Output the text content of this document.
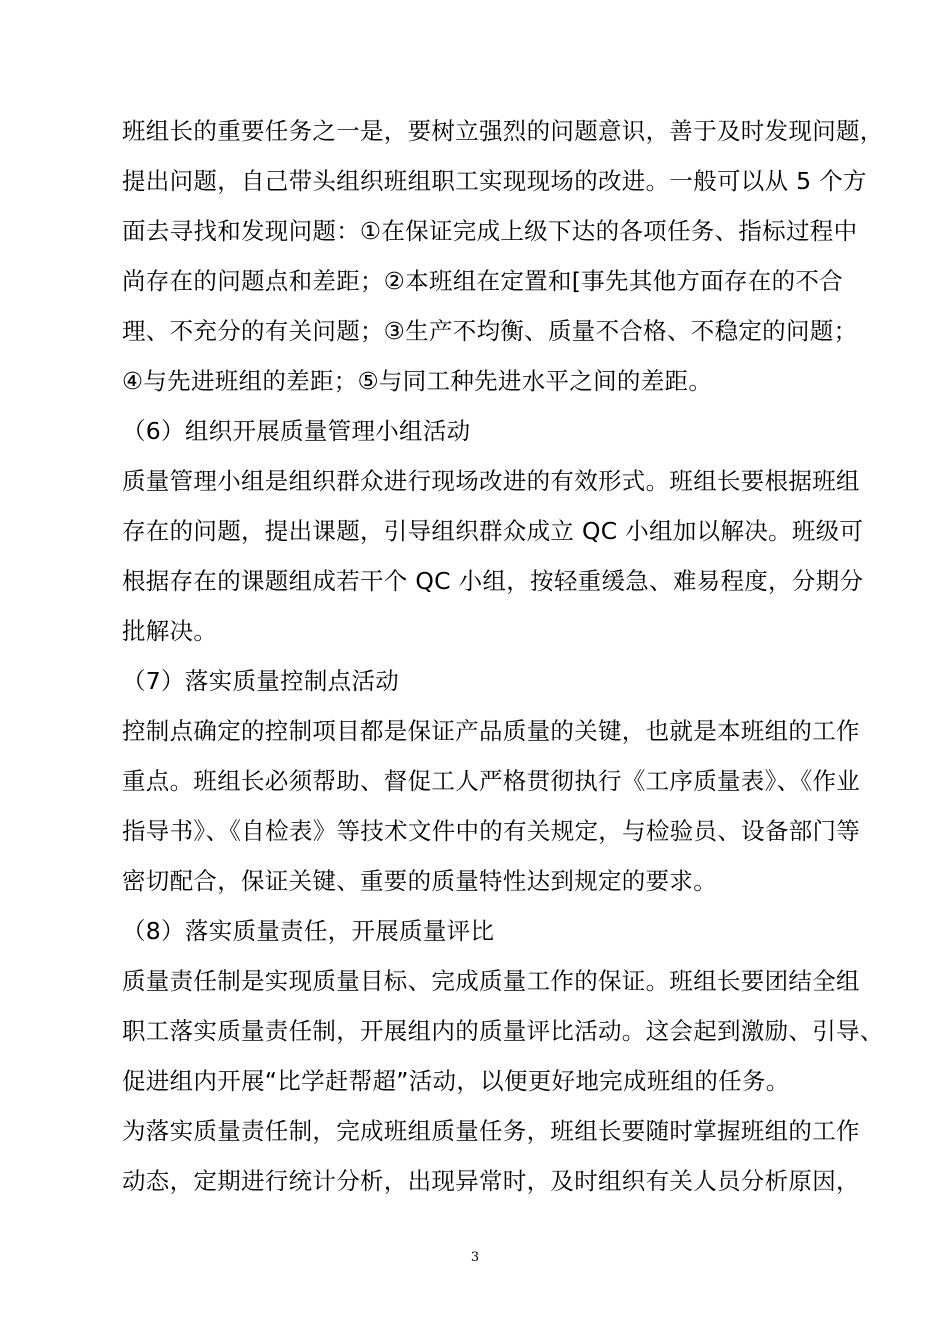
班组长的重要任务之一是，要树立强烈的问题意识，善于及时发现问题，
提出问题，自己带头组织班组职工实现现场的改进。一般可以从 5 个方
面去寻找和发现问题：①在保证完成上级下达的各项任务、指标过程中
尚存在的问题点和差距；②本班组在定置和[事先其他方面存在的不合
理、不充分的有关问题；③生产不均衡、质量不合格、不稳定的问题；
④与先进班组的差距；⑤与同工种先进水平之间的差距。
（6）组织开展质量管理小组活动
质量管理小组是组织群众进行现场改进的有效形式。班组长要根据班组
存在的问题，提出课题，引导组织群众成立 QC 小组加以解决。班级可
根据存在的课题组成若干个 QC 小组，按轻重缓急、难易程度，分期分
批解决。
（7）落实质量控制点活动
控制点确定的控制项目都是保证产品质量的关键，也就是本班组的工作
重点。班组长必须帮助、督促工人严格贯彻执行《工序质量表》、《作业
指导书》、《自检表》等技术文件中的有关规定，与检验员、设备部门等
密切配合，保证关键、重要的质量特性达到规定的要求。
（8）落实质量责任，开展质量评比
质量责任制是实现质量目标、完成质量工作的保证。班组长要团结全组
职工落实质量责任制，开展组内的质量评比活动。这会起到激励、引导、
促进组内开展“比学赶帮超”活动，以便更好地完成班组的任务。
为落实质量责任制，完成班组质量任务，班组长要随时掌握班组的工作
动态，定期进行统计分析，出现异常时，及时组织有关人员分析原因，
3
